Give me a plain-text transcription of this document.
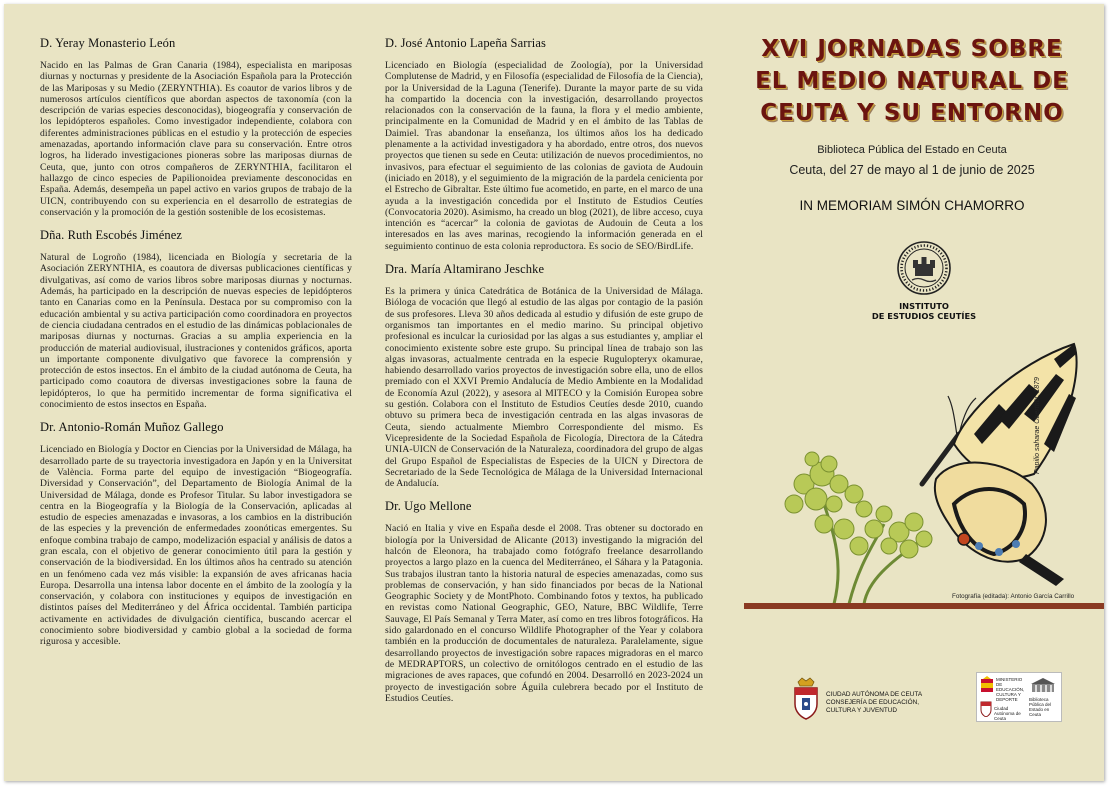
D. Yeray Monasterio León

Nacido en las Palmas de Gran Canaria (1984), especialista en mariposas diurnas y nocturnas y presidente de la Asociación Española para la Protección de las Mariposas y su Medio (ZERYNTHIA). Es coautor de varios libros y de numerosos artículos científicos que abordan aspectos de taxonomía (con la descripción de varias especies desconocidas), biogeografía y conservación de los lepidópteros españoles. Como investigador independiente, colabora con diferentes administraciones públicas en el estudio y la protección de especies amenazadas, aportando información clave para su conservación. Entre otros logros, ha liderado investigaciones pioneras sobre las mariposas diurnas de Ceuta, que, junto con otros compañeros de ZERYNTHIA, facilitaron el hallazgo de cinco especies de Papilionoidea previamente desconocidas en España. Además, desempeña un papel activo en varios grupos de trabajo de la UICN, contribuyendo con su experiencia en el desarrollo de estrategias de conservación y la promoción de la gestión sostenible de los ecosistemas.

Dña. Ruth Escobés Jiménez

Natural de Logroño (1984), licenciada en Biología y secretaria de la Asociación ZERYNTHIA, es coautora de diversas publicaciones científicas y divulgativas, así como de varios libros sobre mariposas diurnas y nocturnas. Además, ha participado en la descripción de nuevas especies de lepidópteros tanto en Canarias como en la Península. Destaca por su compromiso con la educación ambiental y su activa participación como coordinadora en proyectos de ciencia ciudadana centrados en el estudio de las dinámicas poblacionales de mariposas diurnas y nocturnas. Gracias a su amplia experiencia en la producción de material audiovisual, ilustraciones y contenidos gráficos, aporta un importante componente divulgativo que favorece la comprensión y protección de estos insectos. En el ámbito de la ciudad autónoma de Ceuta, ha participado como coautora de diversas investigaciones sobre la fauna de lepidópteros, lo que ha permitido incrementar de forma significativa el conocimiento de estos insectos en España.

Dr. Antonio-Román Muñoz Gallego

Licenciado en Biología y Doctor en Ciencias por la Universidad de Málaga, ha desarrollado parte de su trayectoria investigadora en Japón y en la Universitat de València. Forma parte del equipo de investigación “Biogeografía. Diversidad y Conservación”, del Departamento de Biología Animal de la Universidad de Málaga, donde es Profesor Titular. Su labor investigadora se centra en la Biogeografía y la Biología de la Conservación, aplicadas al estudio de especies amenazadas e invasoras, a los cambios en la distribución de las especies y la prevención de enfermedades zoonóticas emergentes. Su enfoque combina trabajo de campo, modelización espacial y análisis de datos a gran escala, con el objetivo de generar conocimiento útil para la gestión y conservación de la biodiversidad. En los últimos años ha centrado su atención en un fenómeno cada vez más visible: la expansión de aves africanas hacia Europa. Desarrolla una intensa labor docente en el ámbito de la zoología y la conservación, y colabora con instituciones y equipos de investigación en distintos países del Mediterráneo y del África occidental. También participa activamente en actividades de divulgación científica, buscando acercar el conocimiento sobre biodiversidad y cambio global a la sociedad de forma rigurosa y accesible.

D. José Antonio Lapeña Sarrias

Licenciado en Biología (especialidad de Zoología), por la Universidad Complutense de Madrid, y en Filosofía (especialidad de Filosofía de la Ciencia), por la Universidad de la Laguna (Tenerife). Durante la mayor parte de su vida ha compartido la docencia con la investigación, desarrollando proyectos relacionados con la conservación de la fauna, la flora y el medio ambiente, principalmente en la Comunidad de Madrid y en el ámbito de las Tablas de Daimiel. Tras abandonar la enseñanza, los últimos años los ha dedicado plenamente a la actividad investigadora y ha abordado, entre otros, dos nuevos proyectos que tienen su sede en Ceuta: utilización de nuevos procedimientos, no invasivos, para efectuar el seguimiento de las colonias de gaviota de Audouin (iniciado en 2018), y el seguimiento de la migración de la pardela cenicienta por el Estrecho de Gibraltar. Este último fue acometido, en parte, en el marco de una ayuda a la investigación concedida por el Instituto de Estudios Ceutíes (Convocatoria 2020). Asimismo, ha creado un blog (2021), de libre acceso, cuya intención es “acercar” la colonia de gaviotas de Audouin de Ceuta a los interesados en las aves marinas, recogiendo la información generada en el seguimiento continuo de esta colonia reproductora. Es socio de SEO/BirdLife.

Dra. María Altamirano Jeschke

Es la primera y única Catedrática de Botánica de la Universidad de Málaga. Bióloga de vocación que llegó al estudio de las algas por contagio de la pasión de sus profesores. Lleva 30 años dedicada al estudio y difusión de este grupo de organismos tan importantes en el medio marino. Su principal objetivo profesional es inculcar la curiosidad por las algas a sus estudiantes y, ampliar el conocimiento existente sobre este grupo. Su principal línea de trabajo son las algas invasoras, actualmente centrada en la especie Rugulopteryx okamurae, habiendo desarrollado varios proyectos de investigación sobre ella, uno de ellos premiado con el XXVI Premio Andalucía de Medio Ambiente en la Modalidad de Economía Azul (2022), y asesora al MITECO y la Comisión Europea sobre su gestión. Colabora con el Instituto de Estudios Ceutíes desde 2010, cuando obtuvo su primera beca de investigación centrada en las algas invasoras de Ceuta, siendo actualmente Miembro Correspondiente del mismo. Es Vicepresidente de la Sociedad Española de Ficología, Directora de la Cátedra UNIA-UICN de Conservación de la Naturaleza, coordinadora del grupo de algas del Grupo Español de Especialistas de Especies de la UICN y Directora de Secretariado de la Sede Tecnológica de Málaga de la Universidad Internacional de Andalucía.

Dr. Ugo Mellone

Nació en Italia y vive en España desde el 2008. Tras obtener su doctorado en biología por la Universidad de Alicante (2013) investigando la migración del halcón de Eleonora, ha trabajado como fotógrafo freelance desarrollando proyectos a largo plazo en la cuenca del Mediterráneo, el Sáhara y la Patagonia. Sus trabajos ilustran tanto la historia natural de especies amenazadas, como sus problemas de conservación, y han sido financiados por becas de la National Geographic Society y de MontPhoto. Combinando fotos y textos, ha publicado en revistas como National Geographic, GEO, Nature, BBC Wildlife, Terre Sauvage, El País Semanal y Terra Mater, así como en tres libros fotográficos. Ha sido galardonado en el concurso Wildlife Photographer of the Year y colabora también en la producción de documentales de naturaleza. Paralelamente, sigue desarrollando proyectos de investigación sobre rapaces migradoras en el marco de MEDRAPTORS, un colectivo de ornitólogos centrado en el estudio de las migraciones de aves rapaces, que cofundó en 2004. Desarrolló en 2023-2024 un proyecto de investigación sobre Águila culebrera becado por el Instituto de Estudios Ceutíes.

XVI JORNADAS SOBRE
EL MEDIO NATURAL DE
CEUTA Y SU ENTORNO
Biblioteca Pública del Estado en Ceuta
Ceuta, del 27 de mayo al 1 de junio de 2025
IN MEMORIAM SIMÓN CHAMORRO
INSTITUTO
DE ESTUDIOS CEUTÍES
Papilio saharae Oberthür, 1879
Fotografía (editada): Antonio García Carrillo
CIUDAD AUTÓNOMA DE CEUTA
CONSEJERÍA DE EDUCACIÓN,
CULTURA Y JUVENTUD
MINISTERIO DE EDUCACIÓN, CULTURA Y DEPORTE
Ciudad Autónoma de Ceuta
Biblioteca Pública del Estado en Ceuta
